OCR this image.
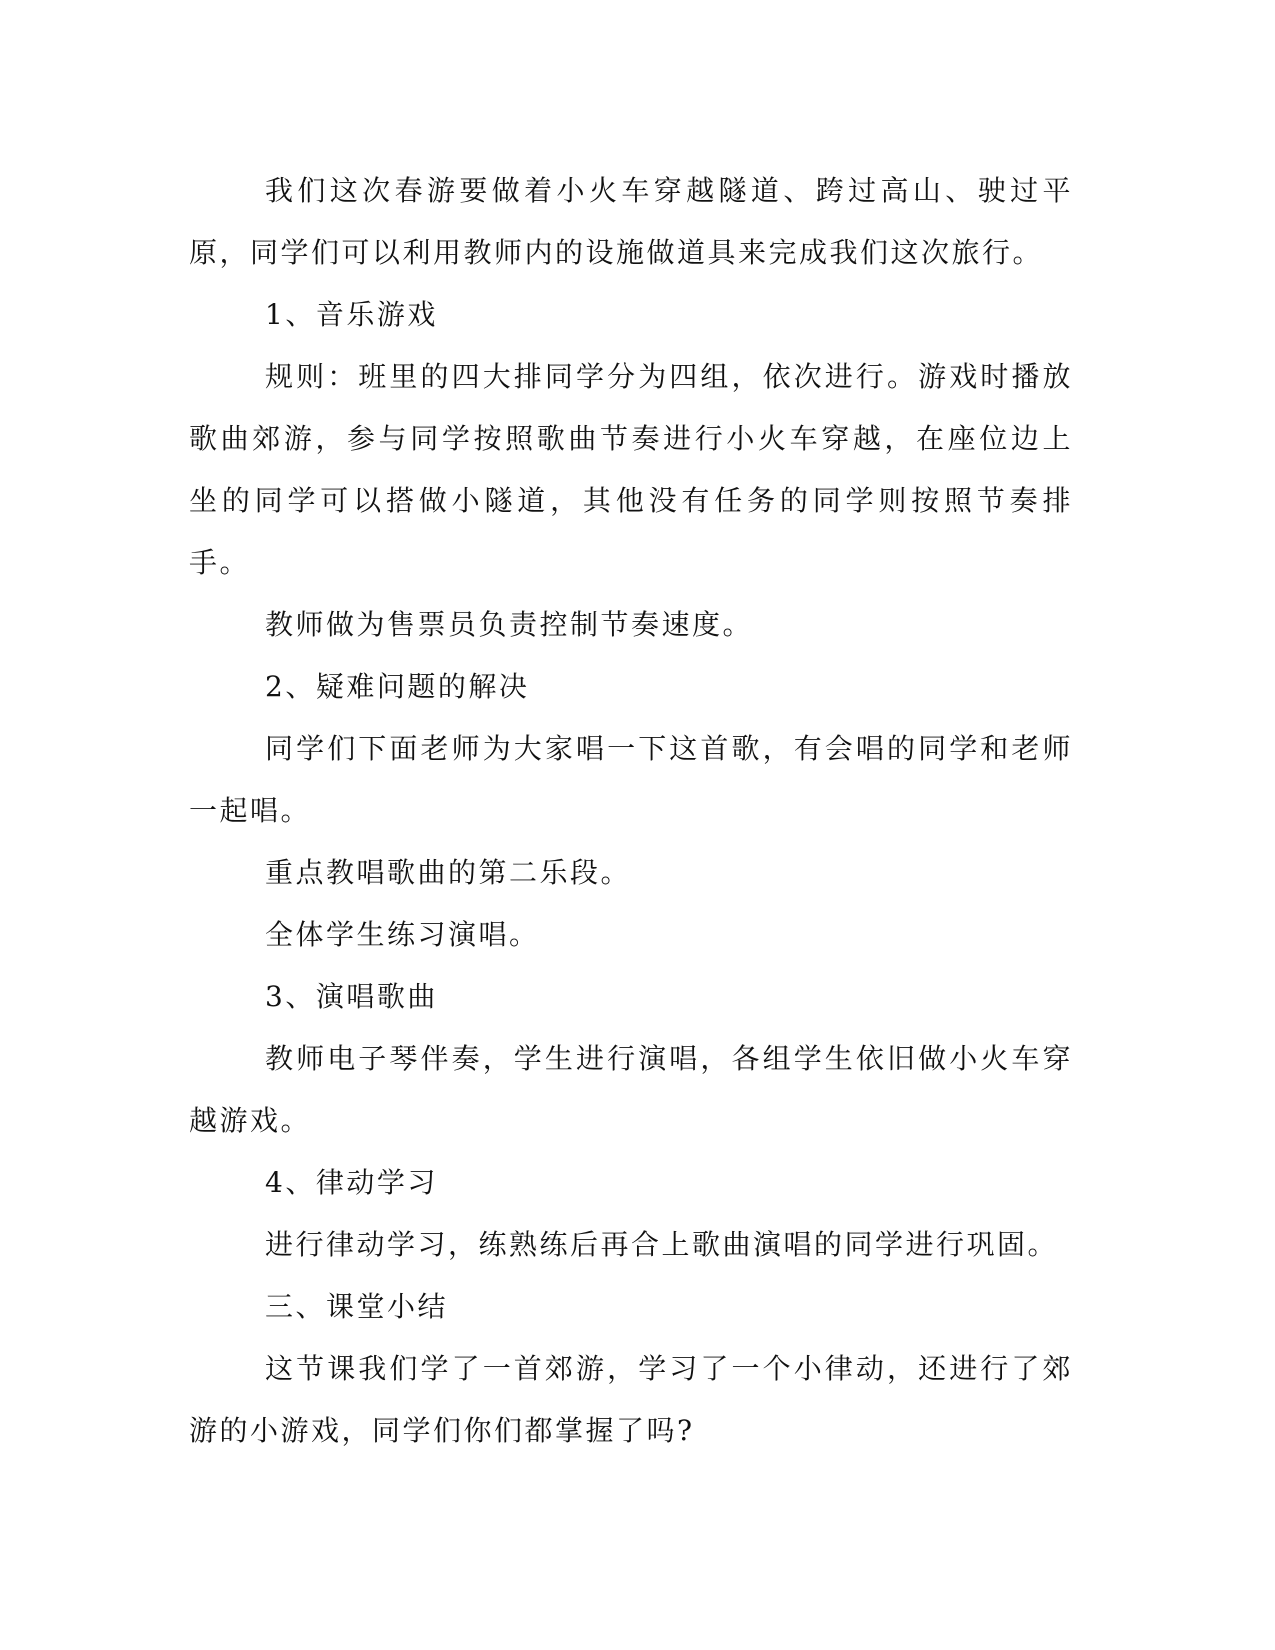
我们这次春游要做着小火车穿越隧道、跨过高山、驶过平原，同学们可以利用教师内的设施做道具来完成我们这次旅行。

1、音乐游戏

规则：班里的四大排同学分为四组，依次进行。游戏时播放歌曲郊游，参与同学按照歌曲节奏进行小火车穿越，在座位边上坐的同学可以搭做小隧道，其他没有任务的同学则按照节奏排手。

教师做为售票员负责控制节奏速度。

2、疑难问题的解决

同学们下面老师为大家唱一下这首歌，有会唱的同学和老师一起唱。

重点教唱歌曲的第二乐段。

全体学生练习演唱。

3、演唱歌曲

教师电子琴伴奏，学生进行演唱，各组学生依旧做小火车穿越游戏。

4、律动学习

进行律动学习，练熟练后再合上歌曲演唱的同学进行巩固。

三、课堂小结

这节课我们学了一首郊游，学习了一个小律动，还进行了郊游的小游戏，同学们你们都掌握了吗?
